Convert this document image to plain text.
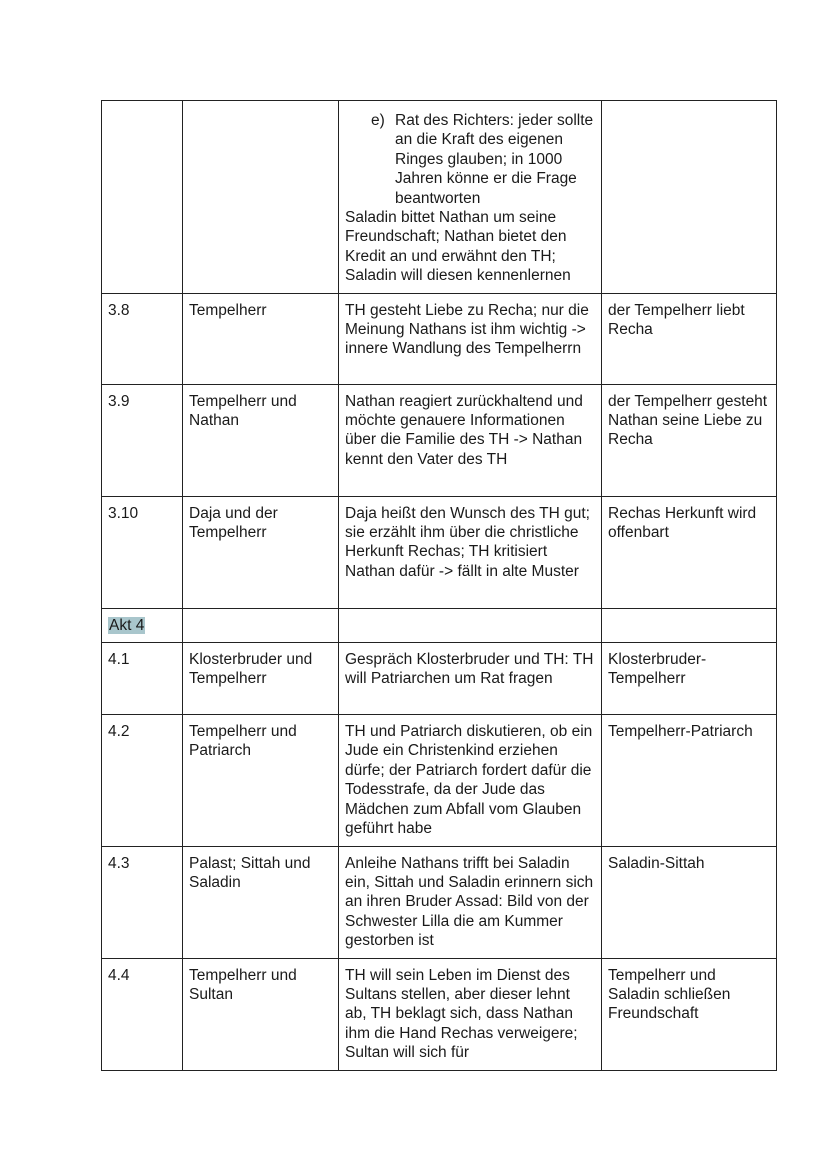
		e) Rat des Richters: jeder sollte an die Kraft des eigenen Ringes glauben; in 1000 Jahren könne er die Frage beantworten
Saladin bittet Nathan um seine Freundschaft; Nathan bietet den Kredit an und erwähnt den TH; Saladin will diesen kennenlernen	

3.8	Tempelherr	TH gesteht Liebe zu Recha; nur die Meinung Nathans ist ihm wichtig -> innere Wandlung des Tempelherrn	der Tempelherr liebt Recha
3.9	Tempelherr und Nathan	Nathan reagiert zurückhaltend und möchte genauere Informationen über die Familie des TH -> Nathan kennt den Vater des TH	der Tempelherr gesteht Nathan seine Liebe zu Recha
3.10	Daja und der Tempelherr	Daja heißt den Wunsch des TH gut; sie erzählt ihm über die christliche Herkunft Rechas; TH kritisiert Nathan dafür -> fällt in alte Muster	Rechas Herkunft wird offenbart
Akt 4			
4.1	Klosterbruder und Tempelherr	Gespräch Klosterbruder und TH: TH will Patriarchen um Rat fragen	Klosterbruder-Tempelherr
4.2	Tempelherr und Patriarch	TH und Patriarch diskutieren, ob ein Jude ein Christenkind erziehen dürfe; der Patriarch fordert dafür die Todesstrafe, da der Jude das Mädchen zum Abfall vom Glauben geführt habe	Tempelherr-Patriarch
4.3	Palast; Sittah und Saladin	Anleihe Nathans trifft bei Saladin ein, Sittah und Saladin erinnern sich an ihren Bruder Assad: Bild von der Schwester Lilla die am Kummer gestorben ist	Saladin-Sittah
4.4	Tempelherr und Sultan	TH will sein Leben im Dienst des Sultans stellen, aber dieser lehnt ab, TH beklagt sich, dass Nathan ihm die Hand Rechas verweigere; Sultan will sich für	Tempelherr und Saladin schließen Freundschaft
